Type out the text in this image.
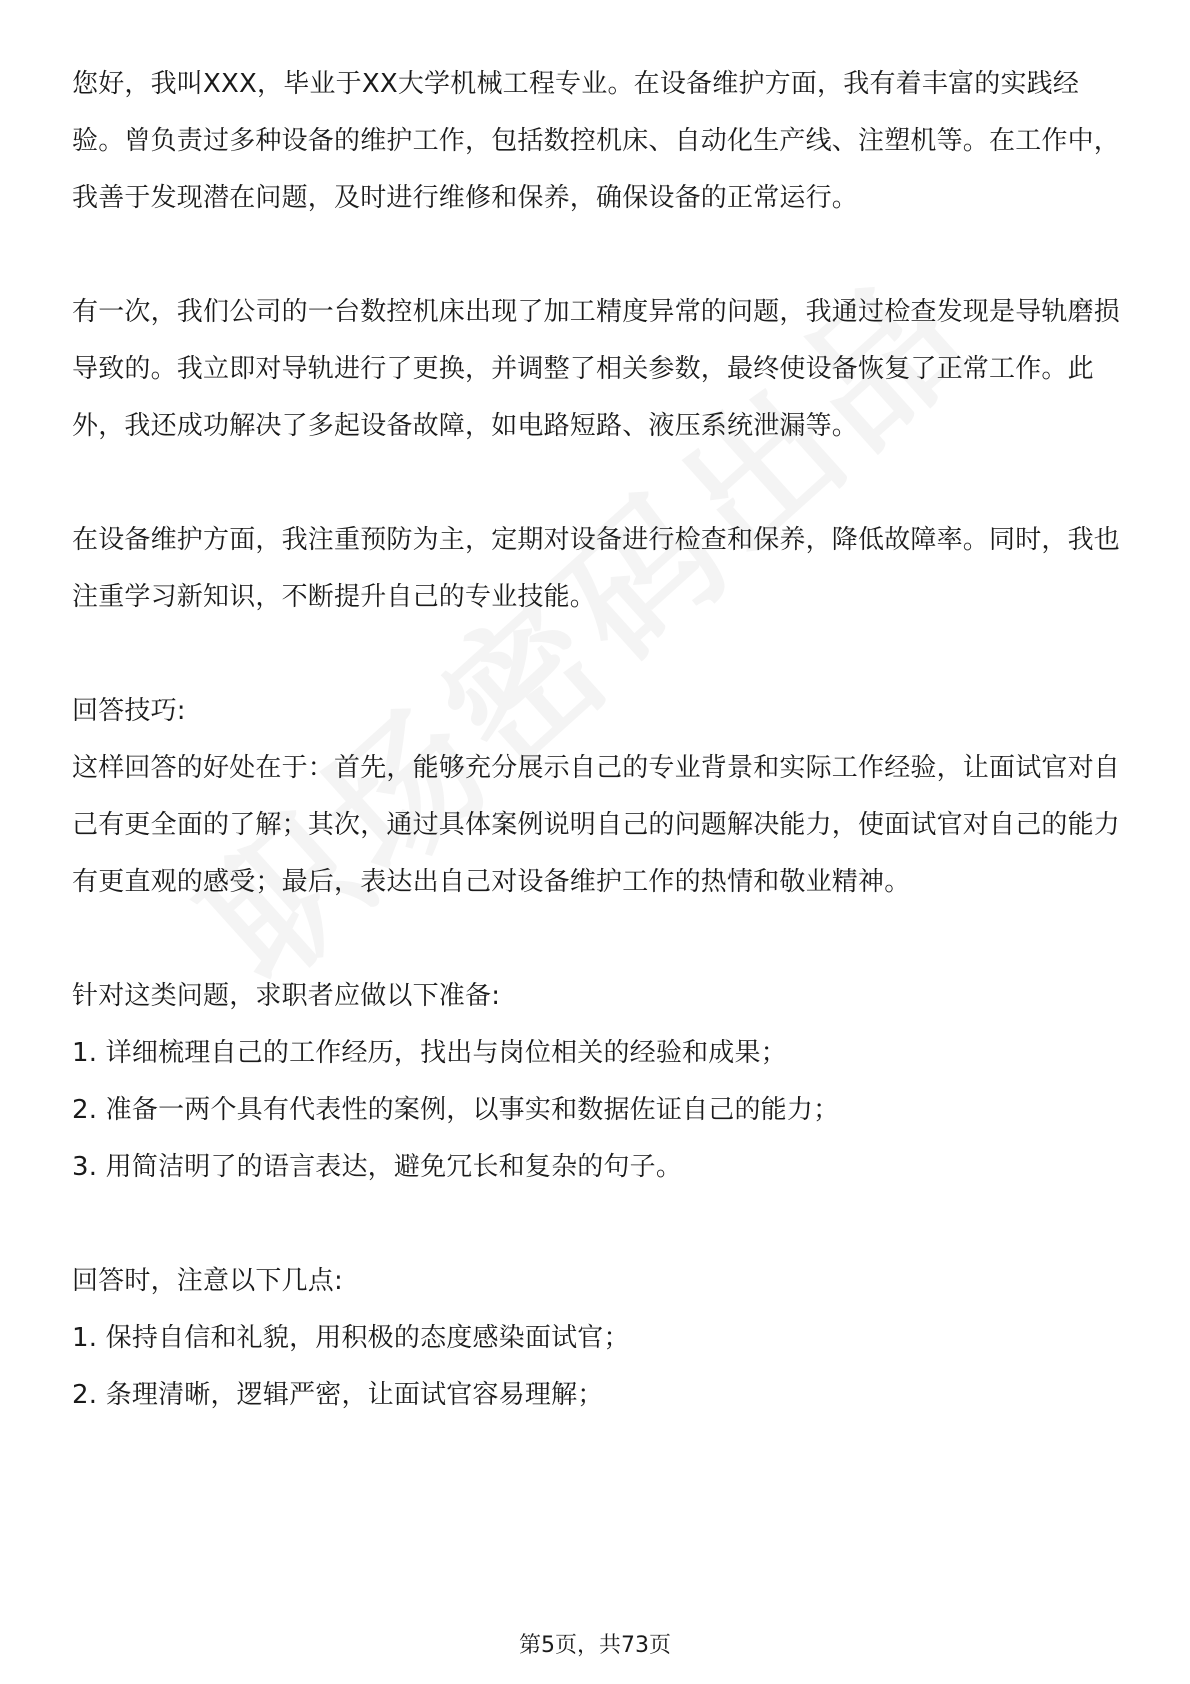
您好，我叫XXX，毕业于XX大学机械工程专业。在设备维护方面，我有着丰富的实践经验。曾负责过多种设备的维护工作，包括数控机床、自动化生产线、注塑机等。在工作中，我善于发现潜在问题，及时进行维修和保养，确保设备的正常运行。

有一次，我们公司的一台数控机床出现了加工精度异常的问题，我通过检查发现是导轨磨损导致的。我立即对导轨进行了更换，并调整了相关参数，最终使设备恢复了正常工作。此外，我还成功解决了多起设备故障，如电路短路、液压系统泄漏等。

在设备维护方面，我注重预防为主，定期对设备进行检查和保养，降低故障率。同时，我也注重学习新知识，不断提升自己的专业技能。

回答技巧:

这样回答的好处在于：首先，能够充分展示自己的专业背景和实际工作经验，让面试官对自己有更全面的了解；其次，通过具体案例说明自己的问题解决能力，使面试官对自己的能力有更直观的感受；最后，表达出自己对设备维护工作的热情和敬业精神。

针对这类问题，求职者应做以下准备:

1. 详细梳理自己的工作经历，找出与岗位相关的经验和成果；

2. 准备一两个具有代表性的案例，以事实和数据佐证自己的能力；

3. 用简洁明了的语言表达，避免冗长和复杂的句子。

回答时，注意以下几点:

1. 保持自信和礼貌，用积极的态度感染面试官；

2. 条理清晰，逻辑严密，让面试官容易理解；

第5页，共73页
